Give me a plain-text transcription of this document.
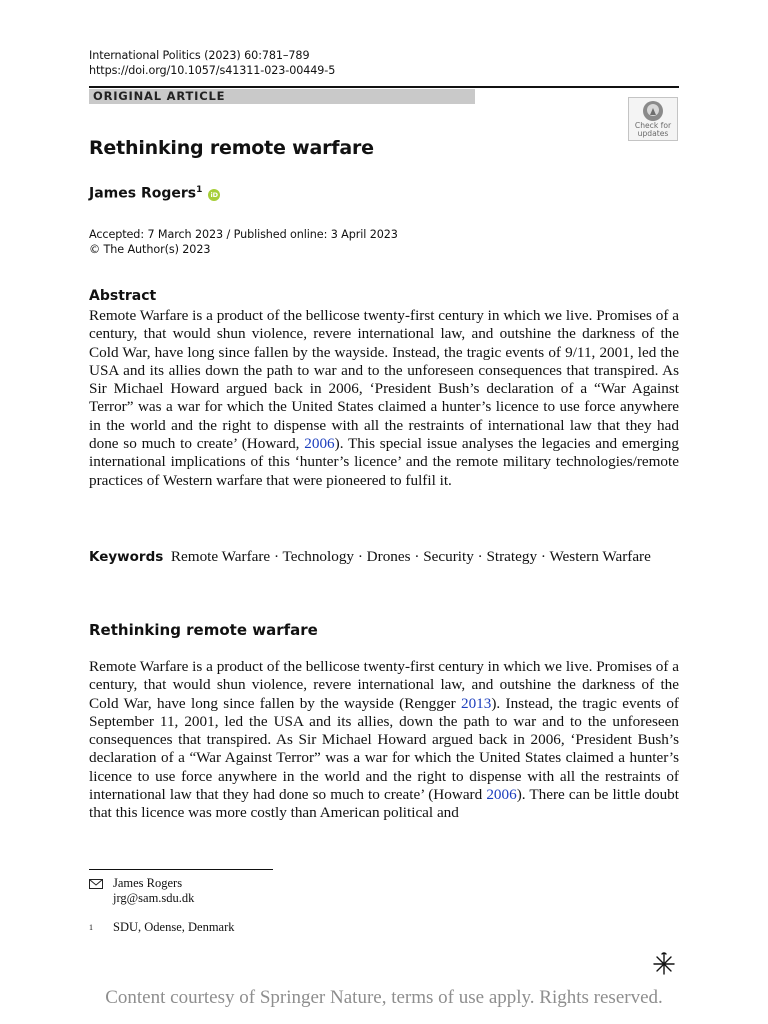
International Politics (2023) 60:781–789
https://doi.org/10.1057/s41311-023-00449-5
ORIGINAL ARTICLE
Check for
updates
Rethinking remote warfare
James Rogers$^1$ iD
Accepted: 7 March 2023 / Published online: 3 April 2023
© The Author(s) 2023
Abstract

Remote Warfare is a product of the bellicose twenty-first century in which we live. Promises of a century, that would shun violence, revere international law, and outshine the darkness of the Cold War, have long since fallen by the wayside. Instead, the tragic events of 9/11, 2001, led the USA and its allies down the path to war and to the unforeseen consequences that transpired. As Sir Michael Howard argued back in 2006, ‘President Bush’s declaration of a “War Against Terror” was a war for which the United States claimed a hunter’s licence to use force anywhere in the world and the right to dispense with all the restraints of international law that they had done so much to create’ (Howard, 2006). This special issue analyses the legacies and emerging international implications of this ‘hunter’s licence’ and the remote military technologies/remote practices of Western warfare that were pioneered to fulfil it.

Keywords Remote Warfare · Technology · Drones · Security · Strategy · Western Warfare

Rethinking remote warfare

Remote Warfare is a product of the bellicose twenty-first century in which we live. Promises of a century, that would shun violence, revere international law, and outshine the darkness of the Cold War, have long since fallen by the wayside (Rengger 2013). Instead, the tragic events of September 11, 2001, led the USA and its allies, down the path to war and to the unforeseen consequences that transpired. As Sir Michael Howard argued back in 2006, ‘President Bush’s declaration of a “War Against Terror” was a war for which the United States claimed a hunter’s licence to use force anywhere in the world and the right to dispense with all the restraints of international law that they had done so much to create’ (Howard 2006). There can be little doubt that this licence was more costly than American political and

James Rogers
jrg@sam.sdu.dk
1	SDU, Odense, Denmark
Content courtesy of Springer Nature, terms of use apply. Rights reserved.
